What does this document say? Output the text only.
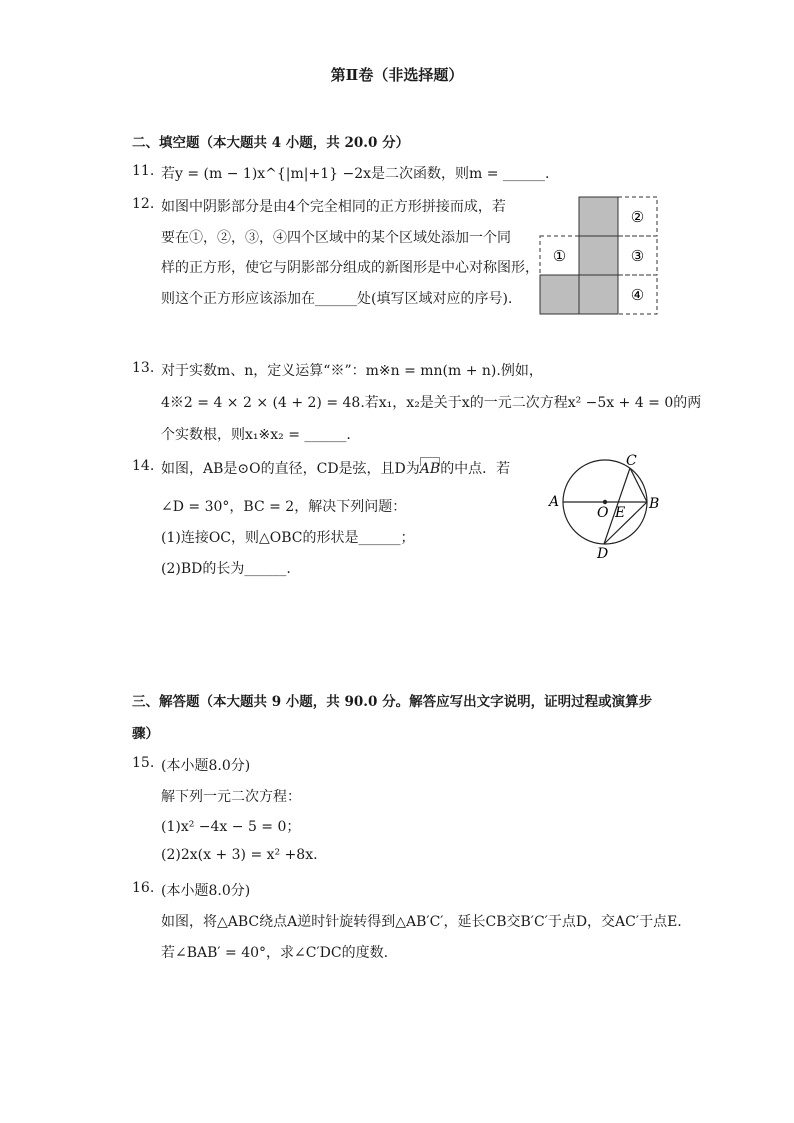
第Ⅱ卷（非选择题）
二、填空题（本大题共 4 小题，共 20.0 分）
11. 若y = (m − 1)x^{|m|+1} −2x是二次函数，则m = ______.
12. 如图中阴影部分是由4个完全相同的正方形拼接而成，若
要在①，②，③，④四个区域中的某个区域处添加一个同
样的正方形，使它与阴影部分组成的新图形是中心对称图形，
则这个正方形应该添加在______处(填写区域对应的序号).
②
①	③
④
13. 对于实数m、n，定义运算“※”：m※n = mn(m + n).例如，
4※2 = 4 × 2 × (4 + 2) = 48.若x₁，x₂是关于x的一元二次方程x² −5x + 4 = 0的两
个实数根，则x₁※x₂ = ______.
14. 如图，AB是⊙O的直径，CD是弦，且D为AB的中点．若
∠D = 30°，BC = 2，解决下列问题：
(1)连接OC，则△OBC的形状是______；
(2)BD的长为______.
A	B
C
D
O E
三、解答题（本大题共 9 小题，共 90.0 分。解答应写出文字说明，证明过程或演算步
骤）
15. (本小题8.0分)
解下列一元二次方程：
(1)x² −4x − 5 = 0；
(2)2x(x + 3) = x² +8x.
16. (本小题8.0分)
如图，将△ABC绕点A逆时针旋转得到△AB′C′，延长CB交B′C′于点D，交AC′于点E.
若∠BAB′ = 40°，求∠C′DC的度数.
